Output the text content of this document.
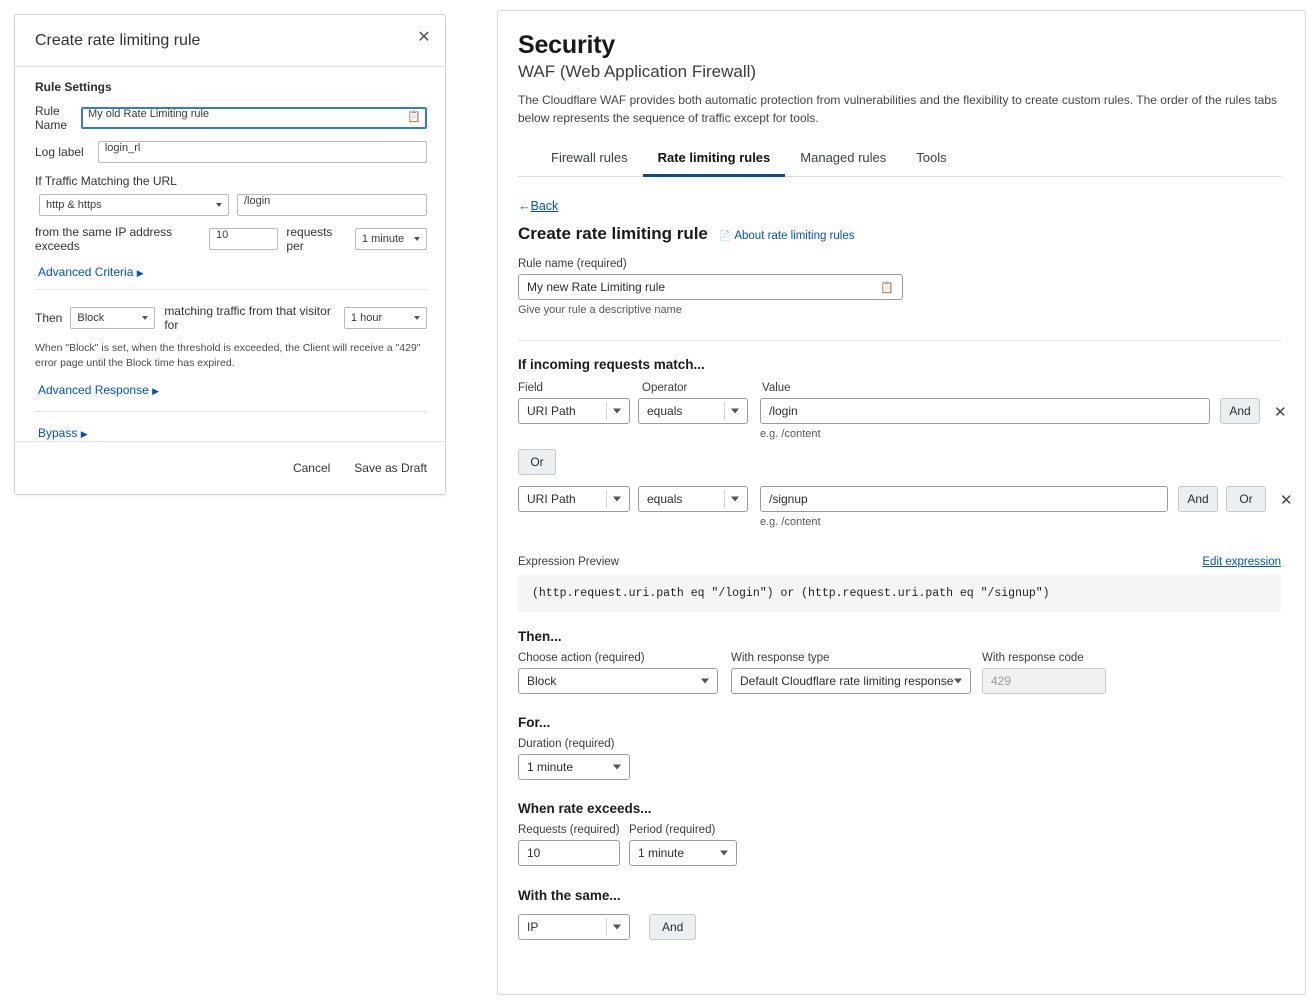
Create rate limiting rule	✕
Rule Settings
Rule Name
My old Rate Limiting rule	📋
Log label	login_rl
If Traffic Matching the URL
http & https	/login
from the same IP address exceeds
10	requests per	1 minute
Advanced Criteria ▶
Then Block	matching traffic from that visitor for	1 hour
When "Block" is set, when the threshold is exceeded, the Client will receive a "429" error page until the Block time has expired.
Advanced Response ▶
Bypass ▶
Cancel Save as Draft
Security
WAF (Web Application Firewall)
The Cloudflare WAF provides both automatic protection from vulnerabilities and the flexibility to create custom rules. The order of the rules tabs below represents the sequence of traffic except for tools.
Firewall rules	Rate limiting rules	Managed rules	Tools
←Back
Create rate limiting rule 📄 About rate limiting rules
Rule name (required)
My new Rate Limiting rule	📋
Give your rule a descriptive name
If incoming requests match...
Field	Operator	Value
URI Path	equals	/login
e.g. /content
And	✕
Or
URI Path	equals	/signup
e.g. /content
And	Or	✕
Expression Preview	Edit expression
(http.request.uri.path eq "/login") or (http.request.uri.path eq "/signup")
Then...
Choose action (required)
Block
With response type
Default Cloudflare rate limiting response
With response code
429
For...
Duration (required)
1 minute
When rate exceeds...
Requests (required)
10
Period (required)
1 minute
With the same...
IP	And
